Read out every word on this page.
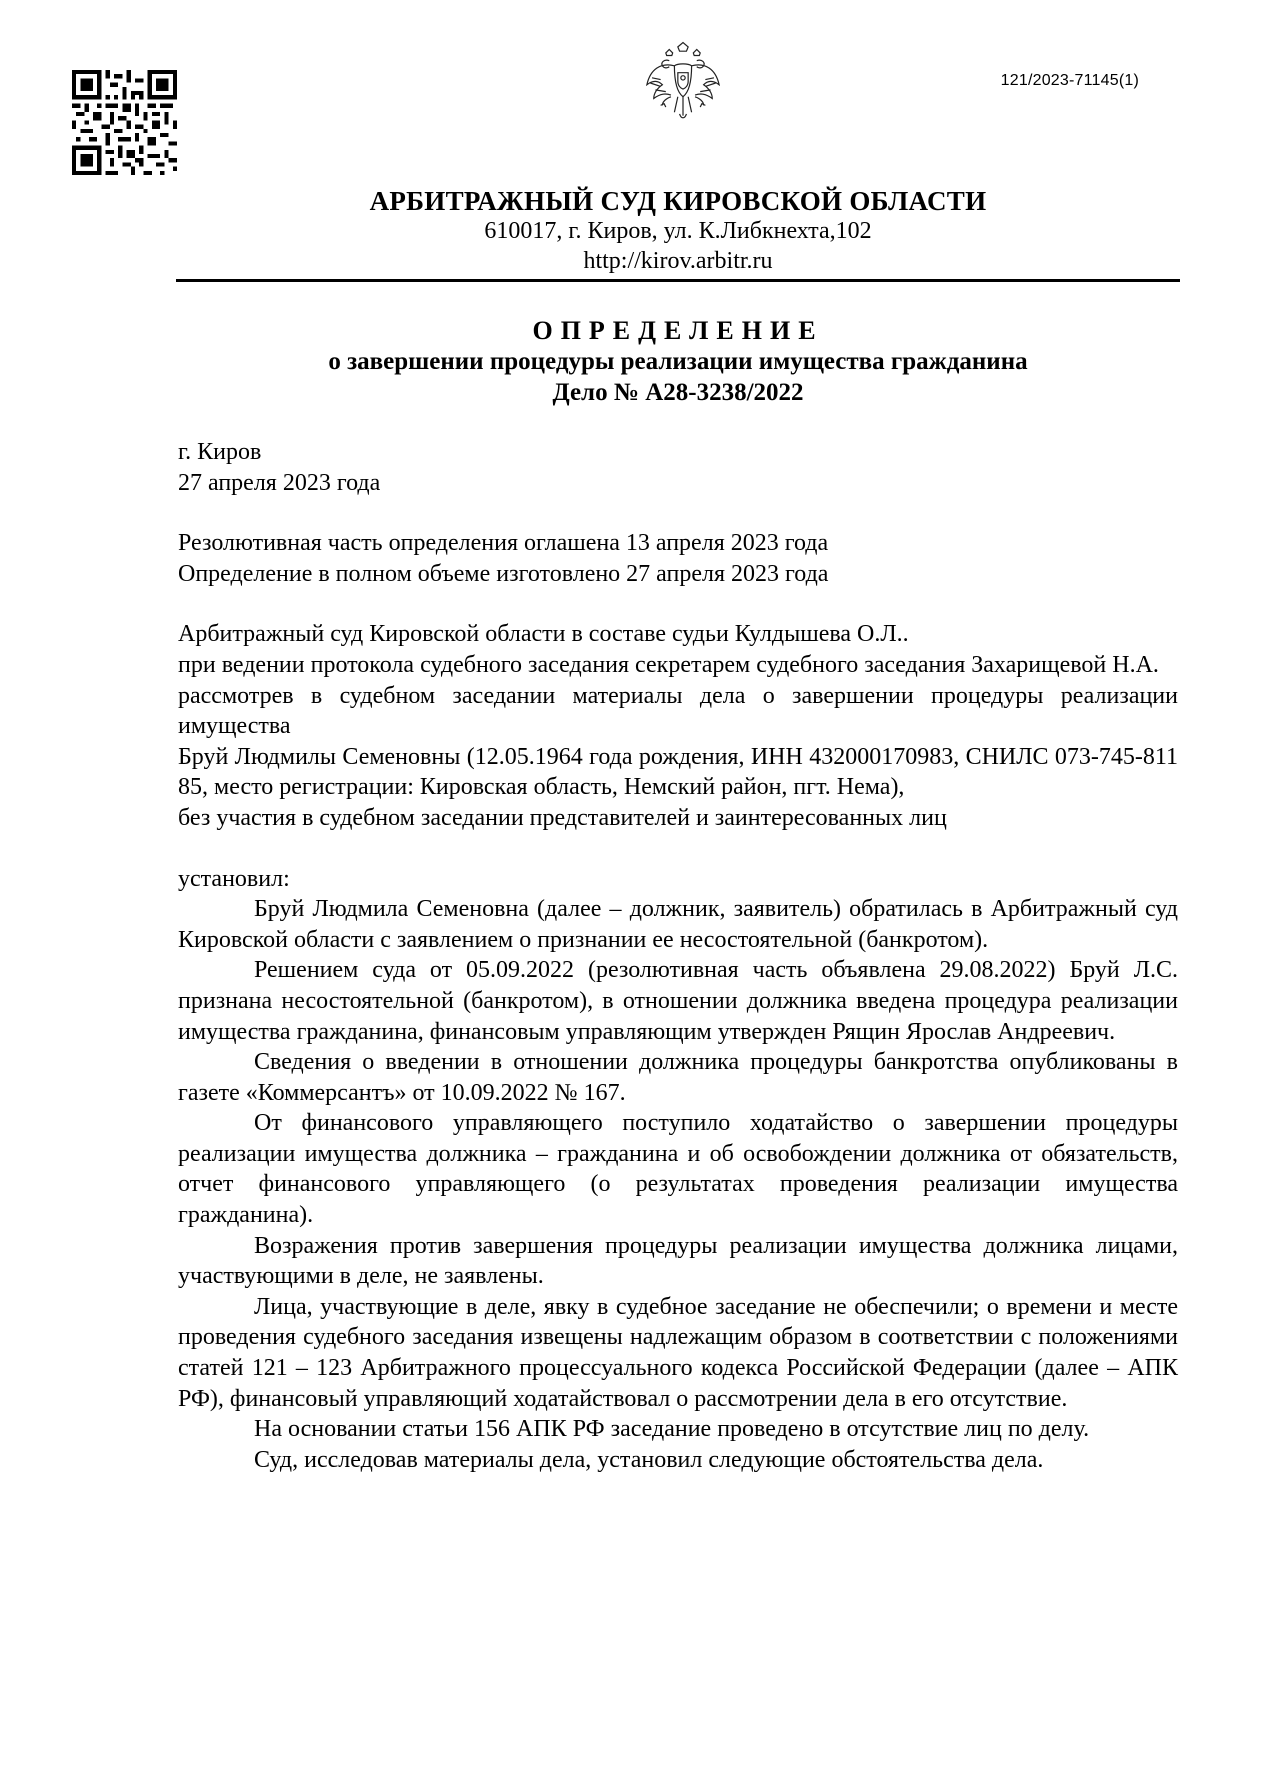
121/2023-71145(1)
АРБИТРАЖНЫЙ СУД КИРОВСКОЙ ОБЛАСТИ
610017, г. Киров, ул. К.Либкнехта,102
http://kirov.arbitr.ru
ОПРЕДЕЛЕНИЕ
о завершении процедуры реализации имущества гражданина
Дело № А28-3238/2022
г. Киров
27 апреля 2023 года
Резолютивная часть определения оглашена 13 апреля 2023 года
Определение в полном объеме изготовлено 27 апреля 2023 года

Арбитражный суд Кировской области в составе судьи Кулдышева О.Л..

при ведении протокола судебного заседания секретарем судебного заседания Захарищевой Н.А.

рассмотрев в судебном заседании материалы дела о завершении процедуры реализации имущества

Бруй Людмилы Семеновны (12.05.1964 года рождения, ИНН 432000170983, СНИЛС 073-745-811 85, место регистрации: Кировская область, Немский район, пгт. Нема),

без участия в судебном заседании представителей и заинтересованных лиц

установил:

Бруй Людмила Семеновна (далее – должник, заявитель) обратилась в Арбитражный суд Кировской области с заявлением о признании ее несостоятельной (банкротом).

Решением суда от 05.09.2022 (резолютивная часть объявлена 29.08.2022) Бруй Л.С. признана несостоятельной (банкротом), в отношении должника введена процедура реализации имущества гражданина, финансовым управляющим утвержден Рящин Ярослав Андреевич.

Сведения о введении в отношении должника процедуры банкротства опубликованы в газете «Коммерсантъ» от 10.09.2022 № 167.

От финансового управляющего поступило ходатайство о завершении процедуры реализации имущества должника – гражданина и об освобождении должника от обязательств, отчет финансового управляющего (о результатах проведения реализации имущества гражданина).

Возражения против завершения процедуры реализации имущества должника лицами, участвующими в деле, не заявлены.

Лица, участвующие в деле, явку в судебное заседание не обеспечили; о времени и месте проведения судебного заседания извещены надлежащим образом в соответствии с положениями статей 121 – 123 Арбитражного процессуального кодекса Российской Федерации (далее – АПК РФ), финансовый управляющий ходатайствовал о рассмотрении дела в его отсутствие.

На основании статьи 156 АПК РФ заседание проведено в отсутствие лиц по делу.

Суд, исследовав материалы дела, установил следующие обстоятельства дела.
